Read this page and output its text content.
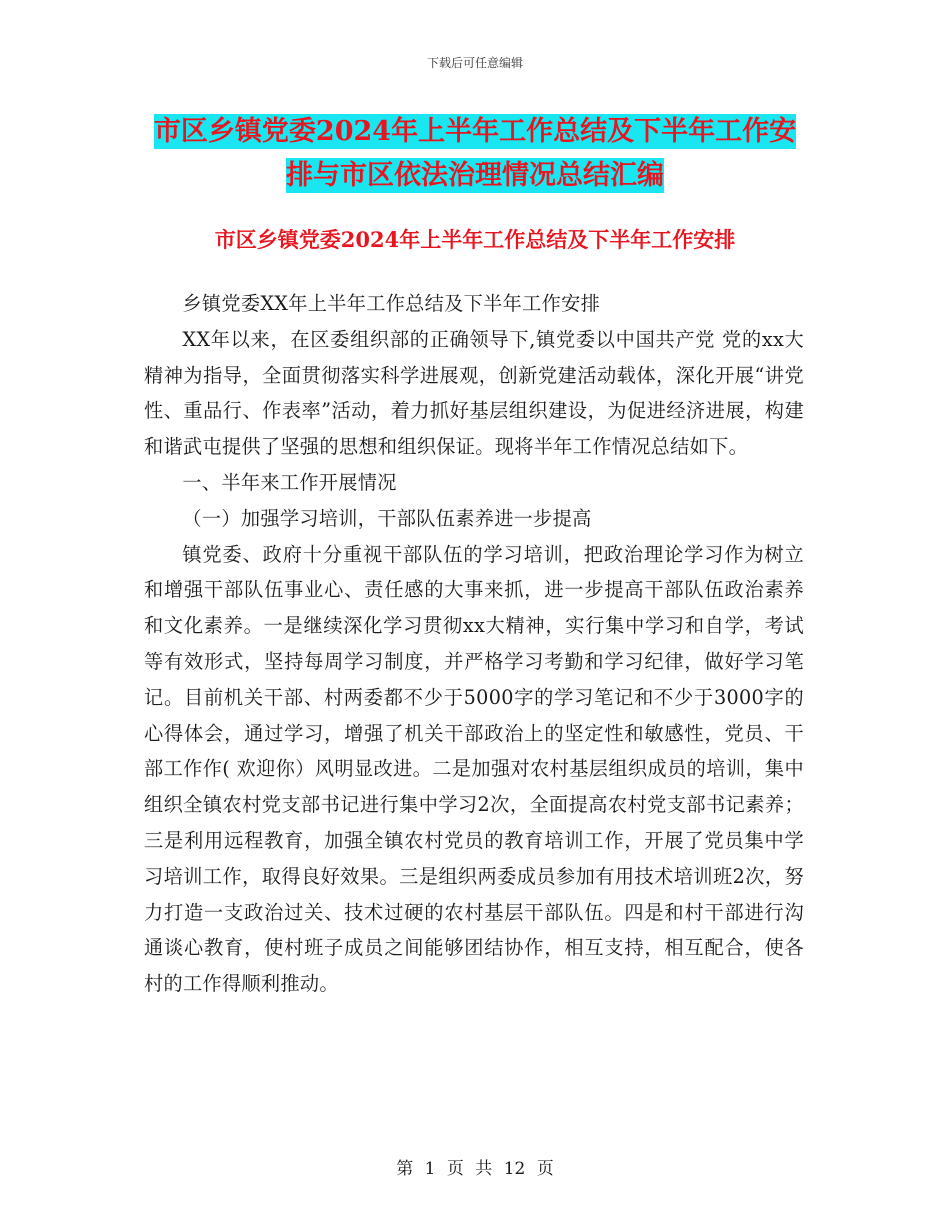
下载后可任意编辑
市区乡镇党委2024年上半年工作总结及下半年工作安
排与市区依法治理情况总结汇编
市区乡镇党委2024年上半年工作总结及下半年工作安排

乡镇党委XX年上半年工作总结及下半年工作安排

XX年以来，在区委组织部的正确领导下,镇党委以中国共产党 党的xx大精神为指导，全面贯彻落实科学进展观，创新党建活动载体，深化开展“讲党性、重品行、作表率”活动，着力抓好基层组织建设，为促进经济进展，构建和谐武屯提供了坚强的思想和组织保证。现将半年工作情况总结如下。

一、半年来工作开展情况

（一）加强学习培训，干部队伍素养进一步提高

镇党委、政府十分重视干部队伍的学习培训，把政治理论学习作为树立和增强干部队伍事业心、责任感的大事来抓，进一步提高干部队伍政治素养和文化素养。一是继续深化学习贯彻xx大精神，实行集中学习和自学，考试等有效形式，坚持每周学习制度，并严格学习考勤和学习纪律，做好学习笔记。目前机关干部、村两委都不少于5000字的学习笔记和不少于3000字的心得体会，通过学习，增强了机关干部政治上的坚定性和敏感性，党员、干部工作作( 欢迎你）风明显改进。二是加强对农村基层组织成员的培训，集中组织全镇农村党支部书记进行集中学习2次，全面提高农村党支部书记素养；三是利用远程教育，加强全镇农村党员的教育培训工作，开展了党员集中学习培训工作，取得良好效果。三是组织两委成员参加有用技术培训班2次，努力打造一支政治过关、技术过硬的农村基层干部队伍。四是和村干部进行沟通谈心教育，使村班子成员之间能够团结协作，相互支持，相互配合，使各村的工作得顺利推动。

第 1 页 共 12 页
